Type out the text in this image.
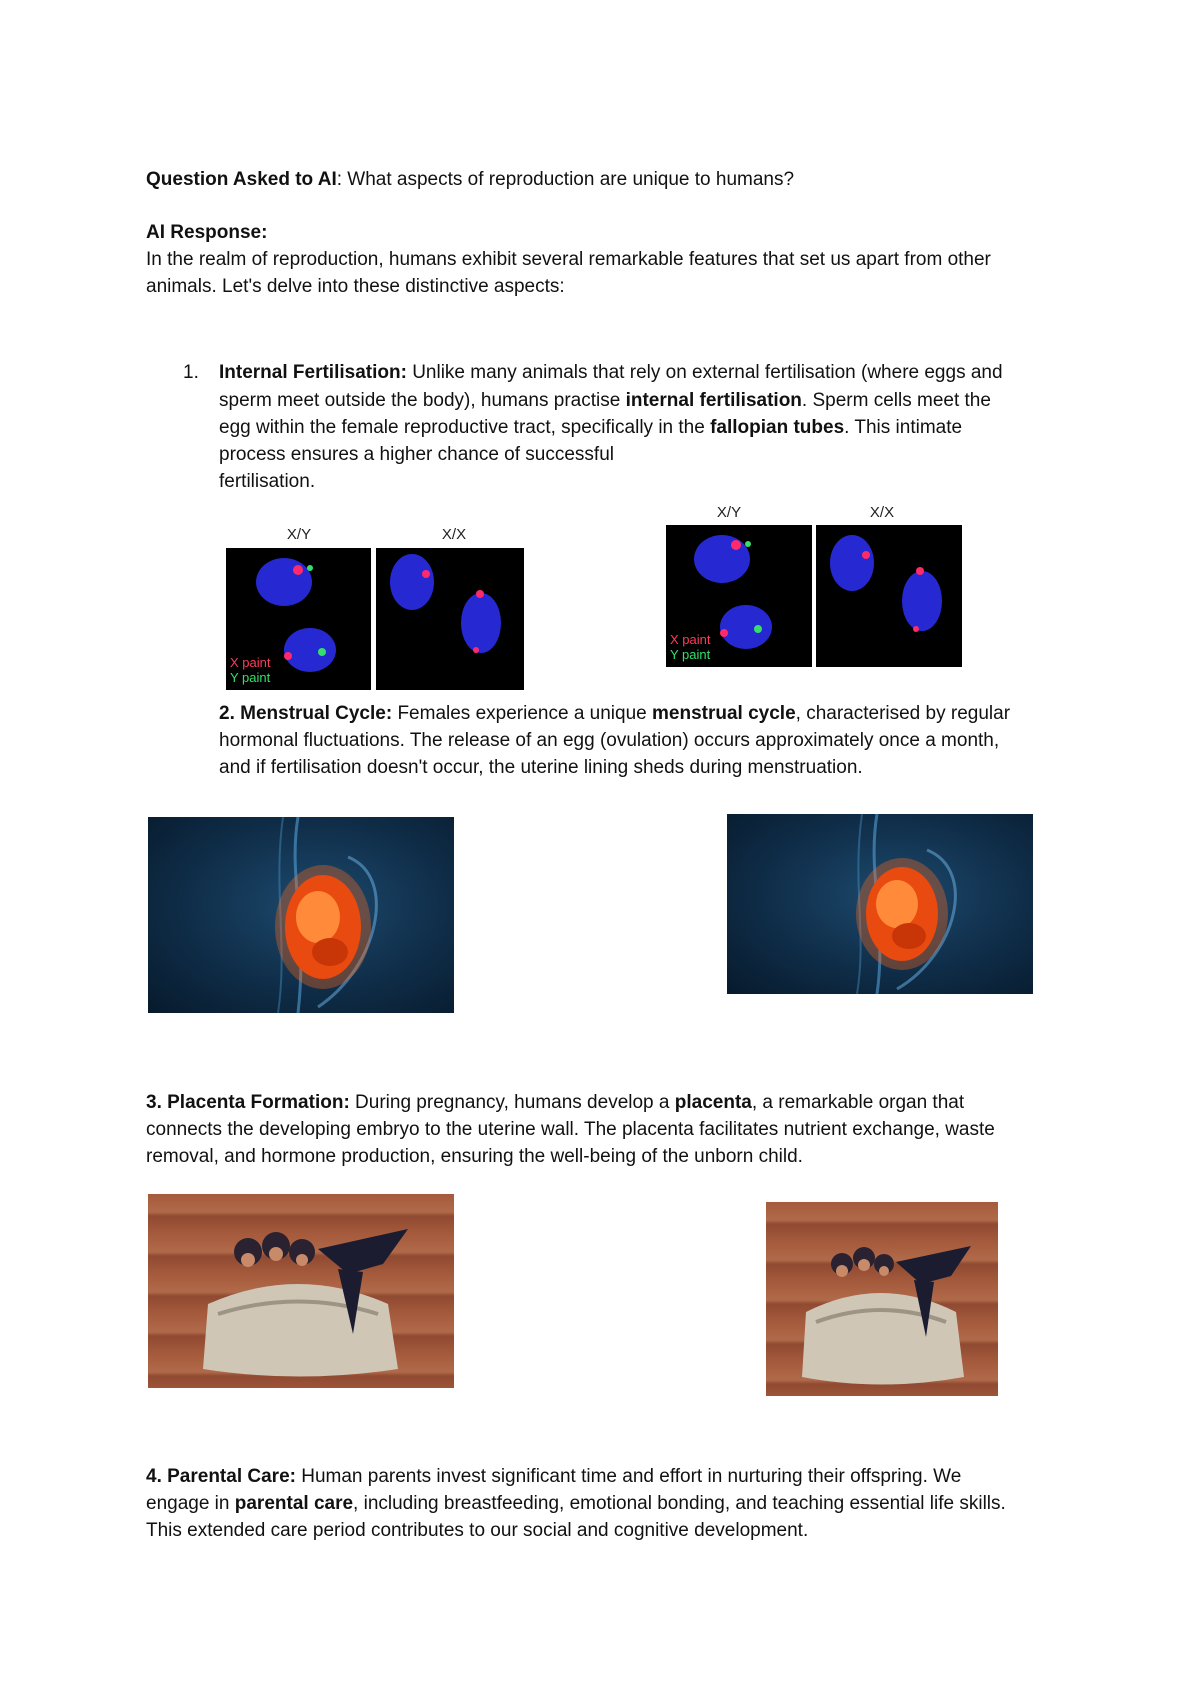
Question Asked to AI: What aspects of reproduction are unique to humans?
AI Response:
In the realm of reproduction, humans exhibit several remarkable features that set us apart from other
animals. Let's delve into these distinctive aspects:
1. Internal Fertilisation: Unlike many animals that rely on external fertilisation (where eggs and
sperm meet outside the body), humans practise internal fertilisation. Sperm cells meet the
egg within the female reproductive tract, specifically in the fallopian tubes. This intimate
process ensures a higher chance of successful
fertilisation.
X/Y	X/X
X paint
Y paint
X/Y	X/X
X paint
Y paint
2. Menstrual Cycle: Females experience a unique menstrual cycle, characterised by regular
hormonal fluctuations. The release of an egg (ovulation) occurs approximately once a month,
and if fertilisation doesn't occur, the uterine lining sheds during menstruation.
3. Placenta Formation: During pregnancy, humans develop a placenta, a remarkable organ that
connects the developing embryo to the uterine wall. The placenta facilitates nutrient exchange, waste
removal, and hormone production, ensuring the well-being of the unborn child.
4. Parental Care: Human parents invest significant time and effort in nurturing their offspring. We
engage in parental care, including breastfeeding, emotional bonding, and teaching essential life skills.
This extended care period contributes to our social and cognitive development.
